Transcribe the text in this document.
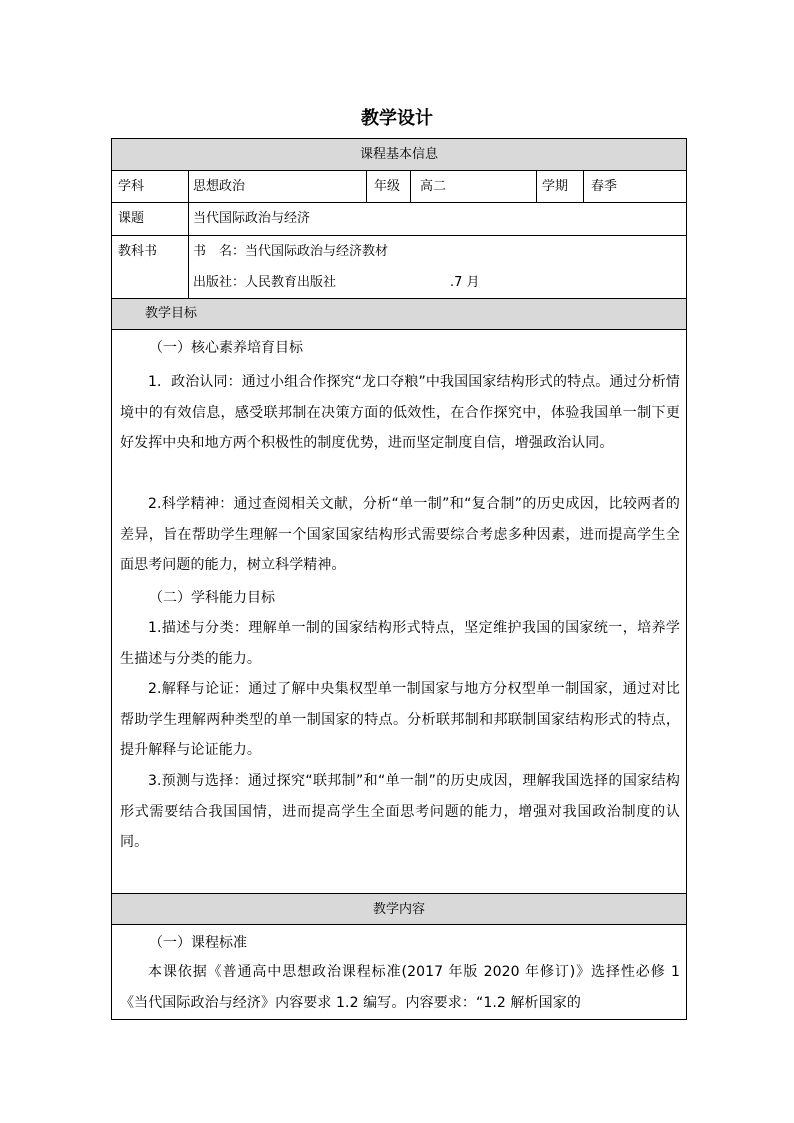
教学设计
课程基本信息
学科	思想政治	年级 高二	学期 春季
课题	当代国际政治与经济
教科书	书　名：当代国际政治与经济教材
出版社：人民教育出版社	.7 月
教学目标
（一）核心素养培育目标
1．政治认同：通过小组合作探究“龙口夺粮”中我国国家结构形式的特点。通过分析情境中的有效信息，感受联邦制在决策方面的低效性，在合作探究中，体验我国单一制下更好发挥中央和地方两个积极性的制度优势，进而坚定制度自信，增强政治认同。
2.科学精神：通过查阅相关文献，分析“单一制”和“复合制”的历史成因，比较两者的差异，旨在帮助学生理解一个国家国家结构形式需要综合考虑多种因素，进而提高学生全面思考问题的能力，树立科学精神。
（二）学科能力目标
1.描述与分类：理解单一制的国家结构形式特点，坚定维护我国的国家统一，培养学生描述与分类的能力。
2.解释与论证：通过了解中央集权型单一制国家与地方分权型单一制国家，通过对比帮助学生理解两种类型的单一制国家的特点。分析联邦制和邦联制国家结构形式的特点，提升解释与论证能力。
3.预测与选择：通过探究“联邦制”和“单一制”的历史成因，理解我国选择的国家结构形式需要结合我国国情，进而提高学生全面思考问题的能力，增强对我国政治制度的认同。
教学内容
（一）课程标准
本课依据《普通高中思想政治课程标准(2017 年版 2020 年修订)》选择性必修 1《当代国际政治与经济》内容要求 1.2 编写。内容要求：“1.2 解析国家的
